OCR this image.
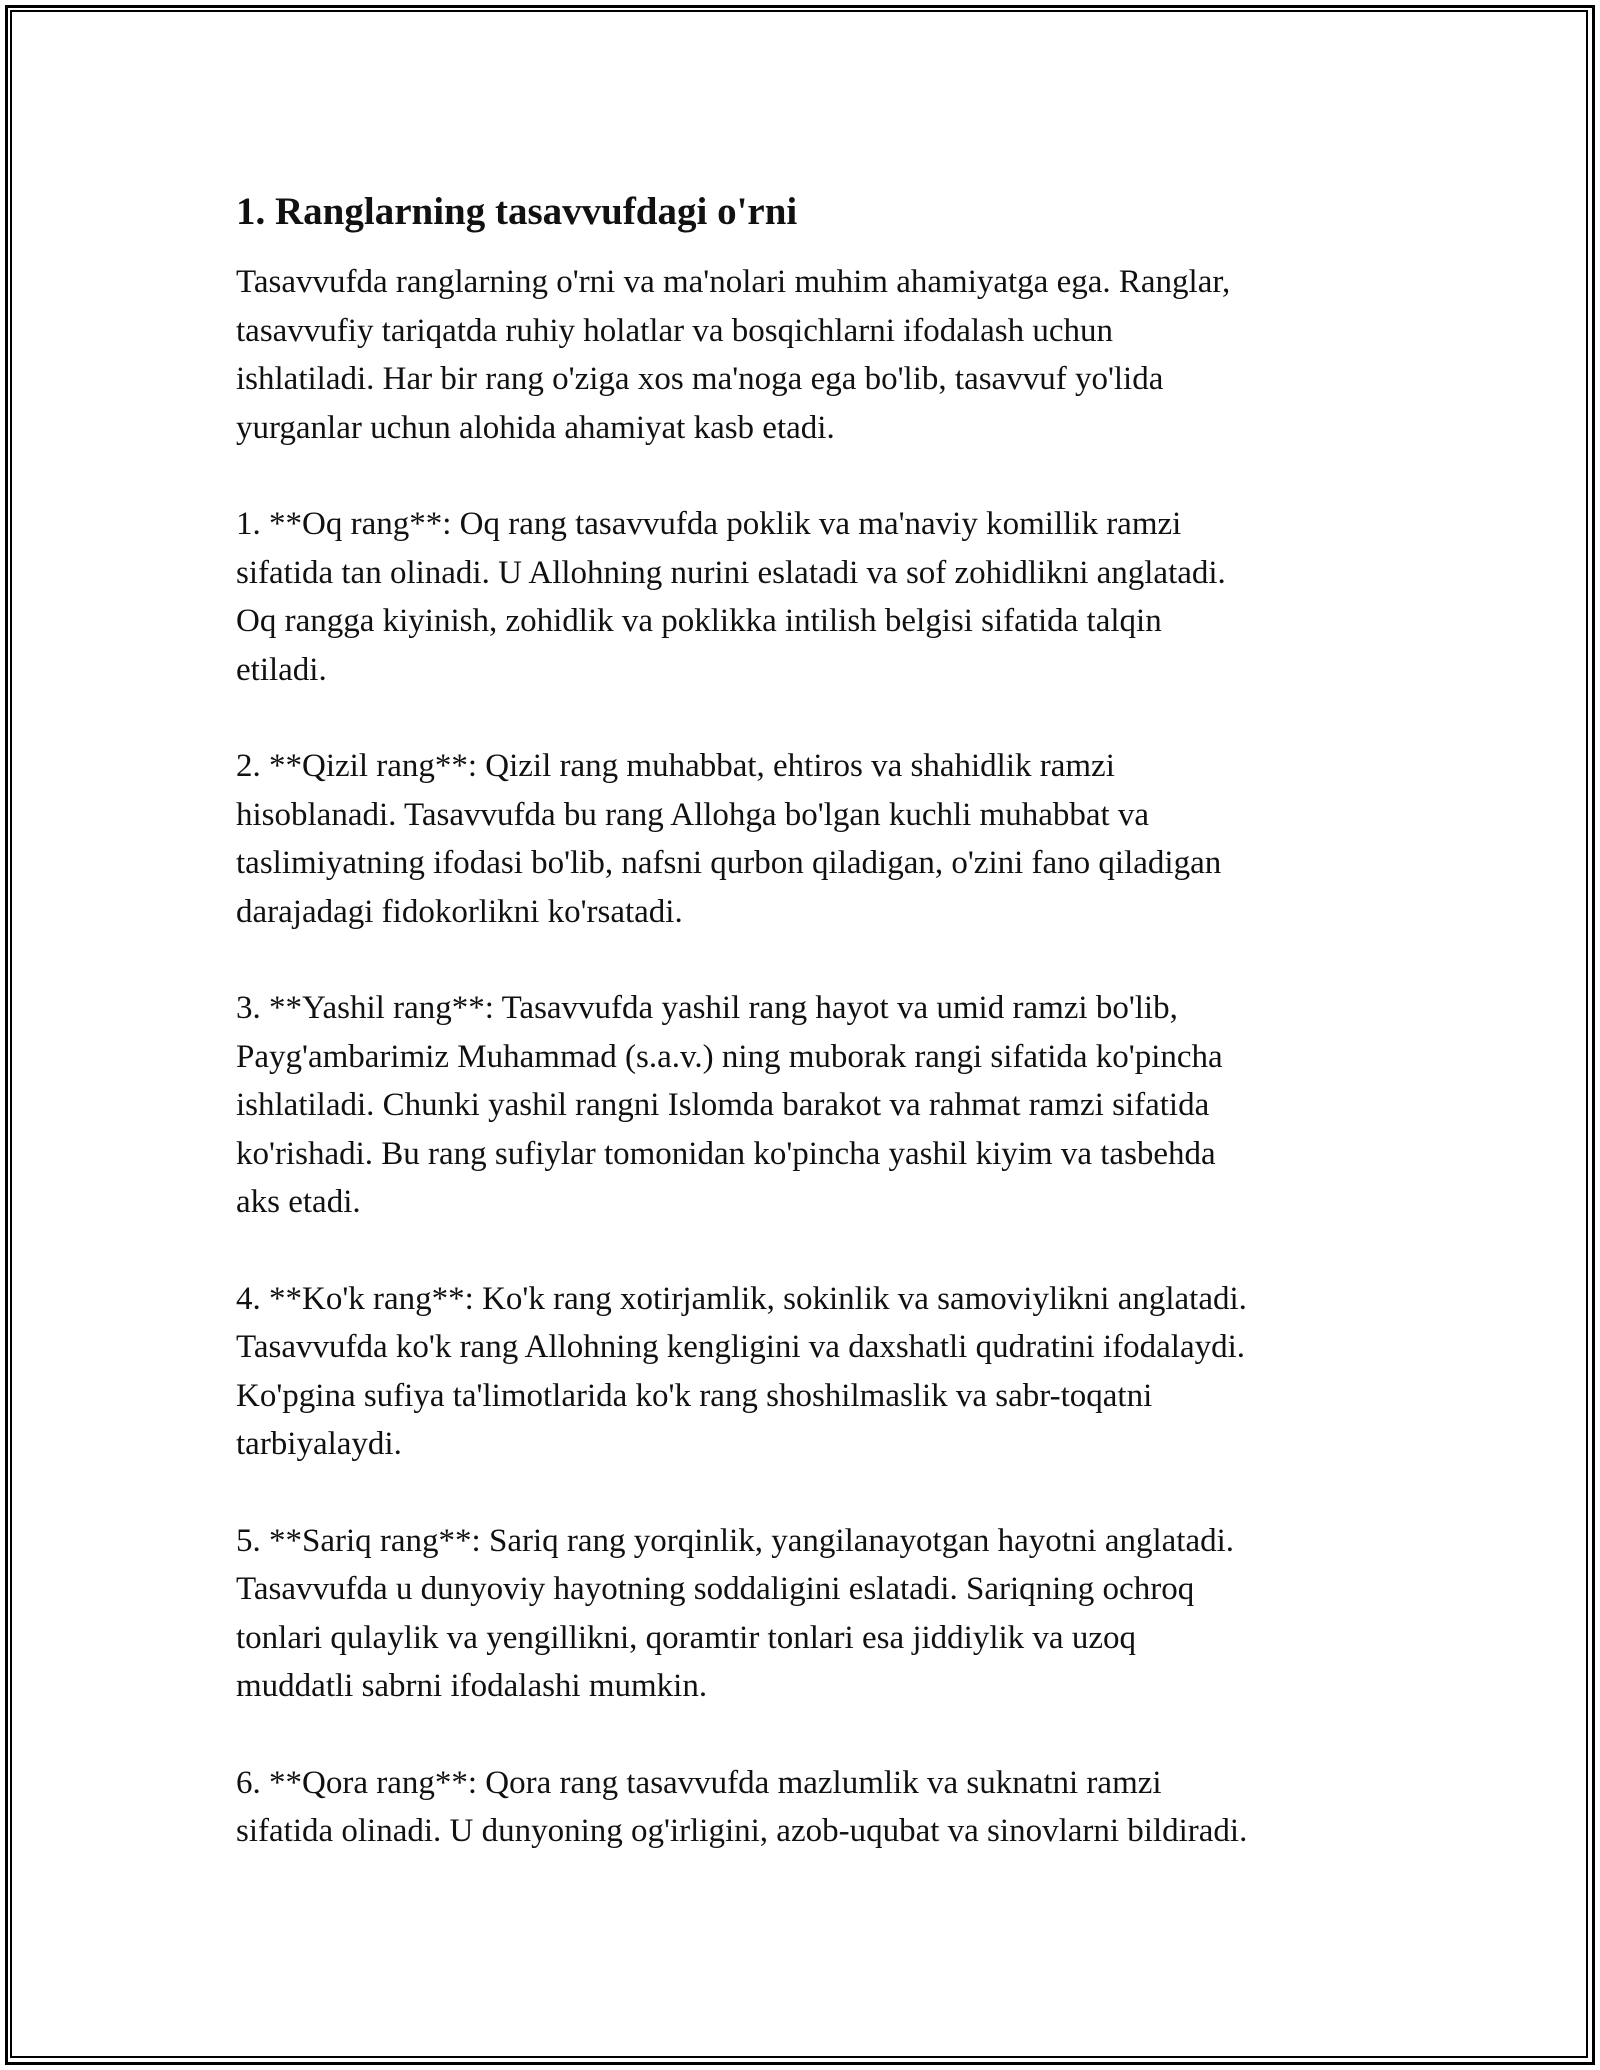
1. Ranglarning tasavvufdagi o'rni
Tasavvufda ranglarning o'rni va ma'nolari muhim ahamiyatga ega. Ranglar,
tasavvufiy tariqatda ruhiy holatlar va bosqichlarni ifodalash uchun
ishlatiladi. Har bir rang o'ziga xos ma'noga ega bo'lib, tasavvuf yo'lida
yurganlar uchun alohida ahamiyat kasb etadi.
1. **Oq rang**: Oq rang tasavvufda poklik va ma'naviy komillik ramzi
sifatida tan olinadi. U Allohning nurini eslatadi va sof zohidlikni anglatadi.
Oq rangga kiyinish, zohidlik va poklikka intilish belgisi sifatida talqin
etiladi.
2. **Qizil rang**: Qizil rang muhabbat, ehtiros va shahidlik ramzi
hisoblanadi. Tasavvufda bu rang Allohga bo'lgan kuchli muhabbat va
taslimiyatning ifodasi bo'lib, nafsni qurbon qiladigan, o'zini fano qiladigan
darajadagi fidokorlikni ko'rsatadi.
3. **Yashil rang**: Tasavvufda yashil rang hayot va umid ramzi bo'lib,
Payg'ambarimiz Muhammad (s.a.v.) ning muborak rangi sifatida ko'pincha
ishlatiladi. Chunki yashil rangni Islomda barakot va rahmat ramzi sifatida
ko'rishadi. Bu rang sufiylar tomonidan ko'pincha yashil kiyim va tasbehda
aks etadi.
4. **Ko'k rang**: Ko'k rang xotirjamlik, sokinlik va samoviylikni anglatadi.
Tasavvufda ko'k rang Allohning kengligini va daxshatli qudratini ifodalaydi.
Ko'pgina sufiya ta'limotlarida ko'k rang shoshilmaslik va sabr-toqatni
tarbiyalaydi.
5. **Sariq rang**: Sariq rang yorqinlik, yangilanayotgan hayotni anglatadi.
Tasavvufda u dunyoviy hayotning soddaligini eslatadi. Sariqning ochroq
tonlari qulaylik va yengillikni, qoramtir tonlari esa jiddiylik va uzoq
muddatli sabrni ifodalashi mumkin.
6. **Qora rang**: Qora rang tasavvufda mazlumlik va suknatni ramzi
sifatida olinadi. U dunyoning og'irligini, azob-uqubat va sinovlarni bildiradi.
